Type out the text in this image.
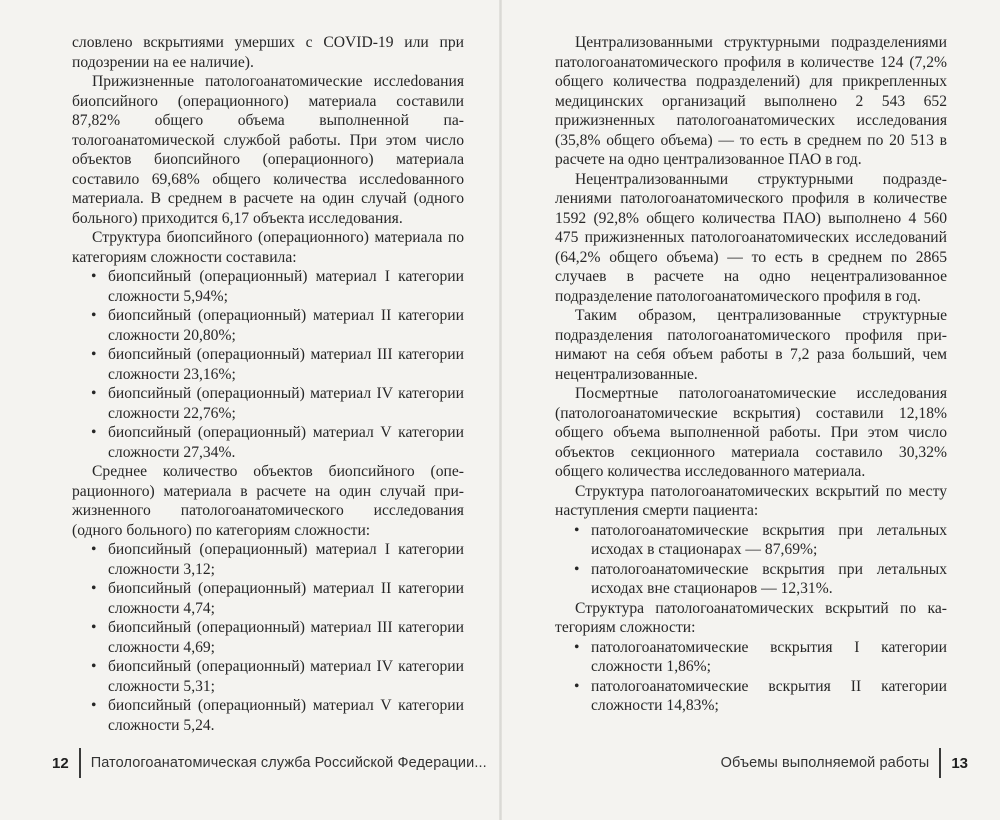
словлено вскрытиями умерших с COVID-19 или при подозрении на ее наличие).

Прижизненные патологоанатомические исслеdования биопсийного (операционного) материала составили 87,82% общего объема выполненной патологоанатомической службой работы. При этом число объектов биопсийного (операционного) материала составило 69,68% общего количества исслеdованного материала. В среднем в расчете на один случай (одного больного) приходится 6,17 объекта исследования.

Структура биопсийного (операционного) материала по категориям сложности составила:

• биопсийный (операционный) материал I категории сложности 5,94%;
• биопсийный (операционный) материал II категории сложности 20,80%;
• биопсийный (операционный) материал III категории сложности 23,16%;
• биопсийный (операционный) материал IV категории сложности 22,76%;
• биопсийный (операционный) материал V категории сложности 27,34%.

Среднее количество объектов биопсийного (операционного) материала в расчете на один случай прижизненного патологоанатомического исследования (одного больного) по категориям сложности:

• биопсийный (операционный) материал I категории сложности 3,12;
• биопсийный (операционный) материал II категории сложности 4,74;
• биопсийный (операционный) материал III категории сложности 4,69;
• биопсийный (операционный) материал IV категории сложности 5,31;
• биопсийный (операционный) материал V категории сложности 5,24.
12 Патологоанатомическая служба Российской Федерации...

Централизованными структурными подразделениями патологоанатомического профиля в количестве 124 (7,2% общего количества подразделений) для прикрепленных медицинских организаций выполнено 2 543 652 прижизненных патологоанатомических исследования (35,8% общего объема) — то есть в среднем по 20 513 в расчете на одно централизованное ПАО в год.

Нецентрализованными структурными подразделениями патологоанатомического профиля в количестве 1592 (92,8% общего количества ПАО) выполнено 4 560 475 прижизненных патологоанатомических исследований (64,2% общего объема) — то есть в среднем по 2865 случаев в расчете на одно нецентрализованное подразделение патологоанатомического профиля в год.

Таким образом, централизованные структурные подразделения патологоанатомического профиля принимают на себя объем работы в 7,2 раза больший, чем нецентрализованные.

Посмертные патологоанатомические исследования (патологоанатомические вскрытия) составили 12,18% общего объема выполненной работы. При этом число объектов секционного материала составило 30,32% общего количества исследованного материала.

Структура патологоанатомических вскрытий по месту наступления смерти пациента:

• патологоанатомические вскрытия при летальных исходах в стационарах — 87,69%;
• патологоанатомические вскрытия при летальных исходах вне стационаров — 12,31%.

Структура патологоанатомических вскрытий по категориям сложности:

• патологоанатомические вскрытия I категории сложности 1,86%;
• патологоанатомические вскрытия II категории сложности 14,83%;
Объемы выполняемой работы 13
